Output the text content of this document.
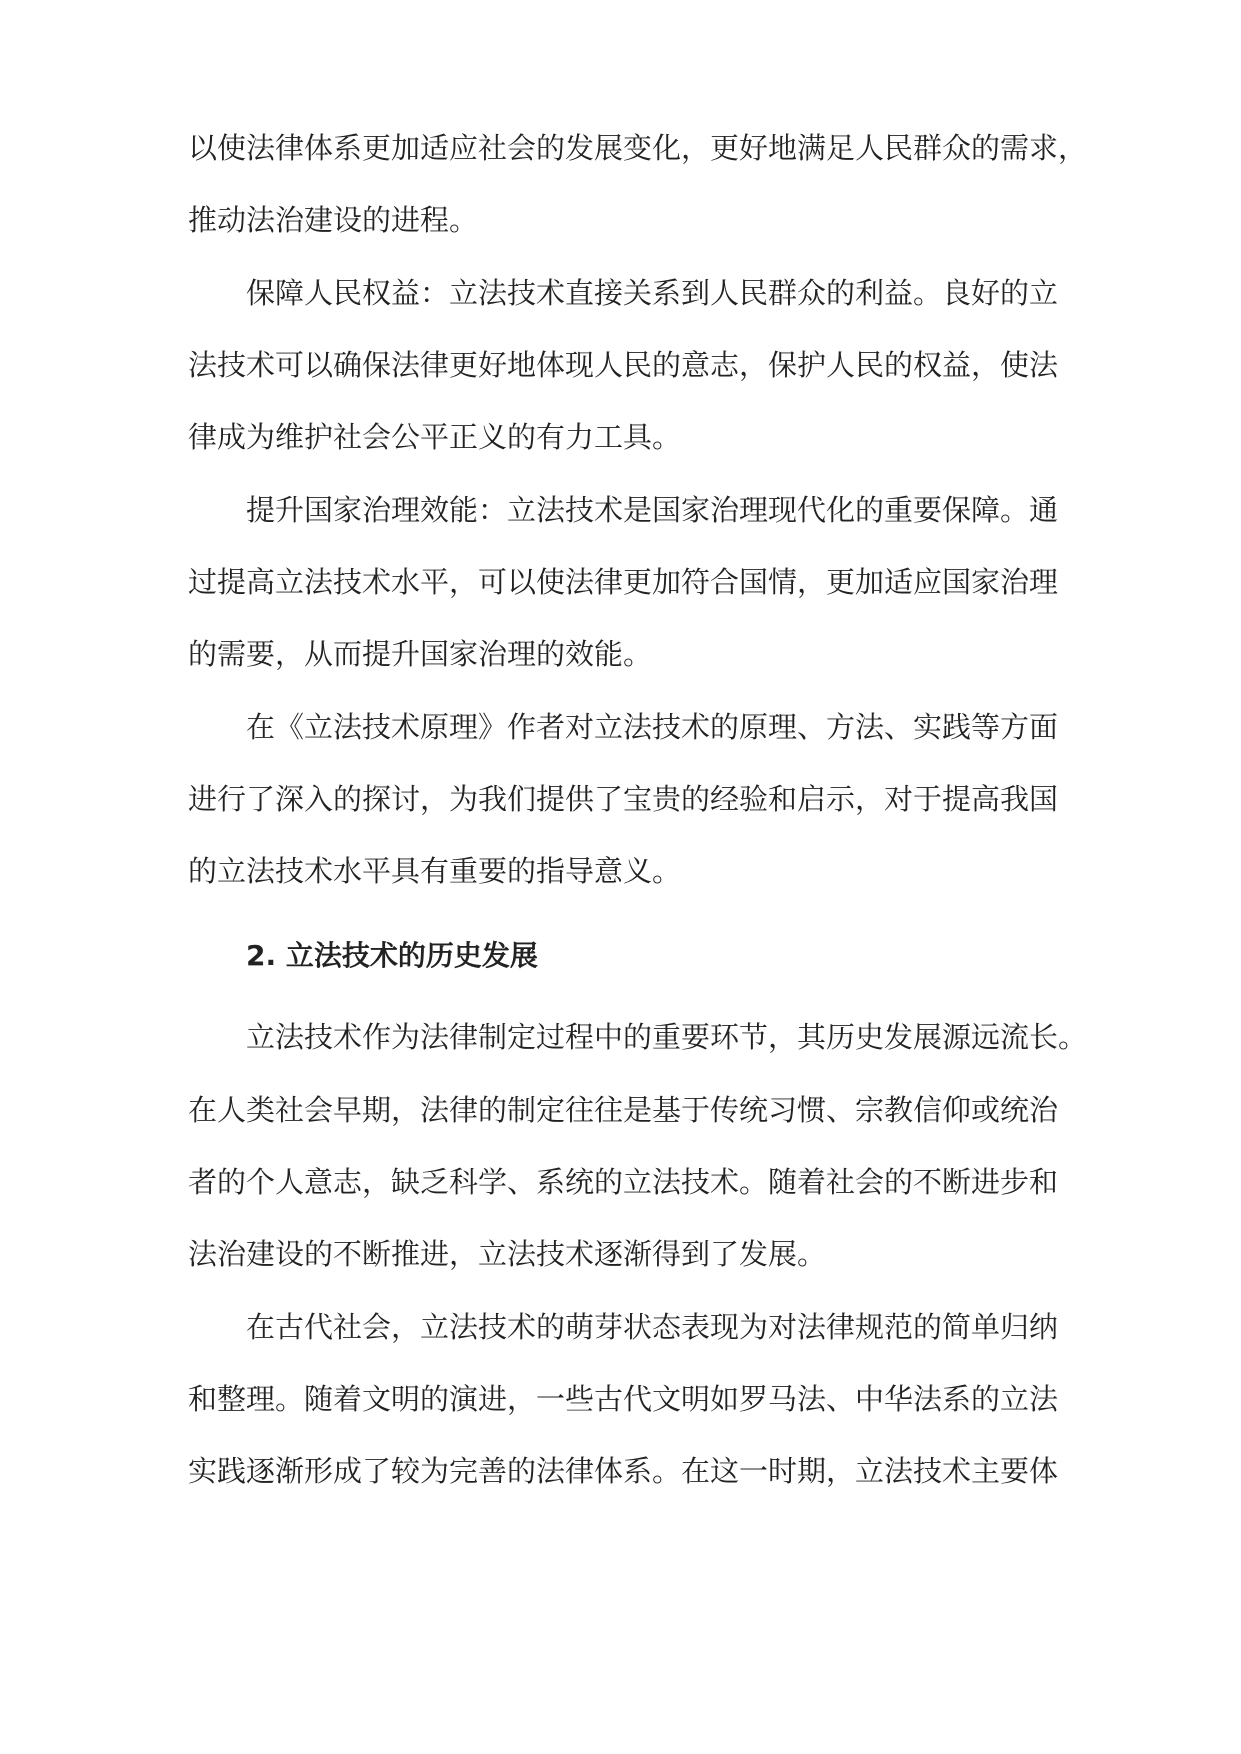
以使法律体系更加适应社会的发展变化，更好地满足人民群众的需求，
推动法治建设的进程。
保障人民权益：立法技术直接关系到人民群众的利益。良好的立
法技术可以确保法律更好地体现人民的意志，保护人民的权益，使法
律成为维护社会公平正义的有力工具。
提升国家治理效能：立法技术是国家治理现代化的重要保障。通
过提高立法技术水平，可以使法律更加符合国情，更加适应国家治理
的需要，从而提升国家治理的效能。
在《立法技术原理》作者对立法技术的原理、方法、实践等方面
进行了深入的探讨，为我们提供了宝贵的经验和启示，对于提高我国
的立法技术水平具有重要的指导意义。
2. 立法技术的历史发展
立法技术作为法律制定过程中的重要环节，其历史发展源远流长。
在人类社会早期，法律的制定往往是基于传统习惯、宗教信仰或统治
者的个人意志，缺乏科学、系统的立法技术。随着社会的不断进步和
法治建设的不断推进，立法技术逐渐得到了发展。
在古代社会，立法技术的萌芽状态表现为对法律规范的简单归纳
和整理。随着文明的演进，一些古代文明如罗马法、中华法系的立法
实践逐渐形成了较为完善的法律体系。在这一时期，立法技术主要体
